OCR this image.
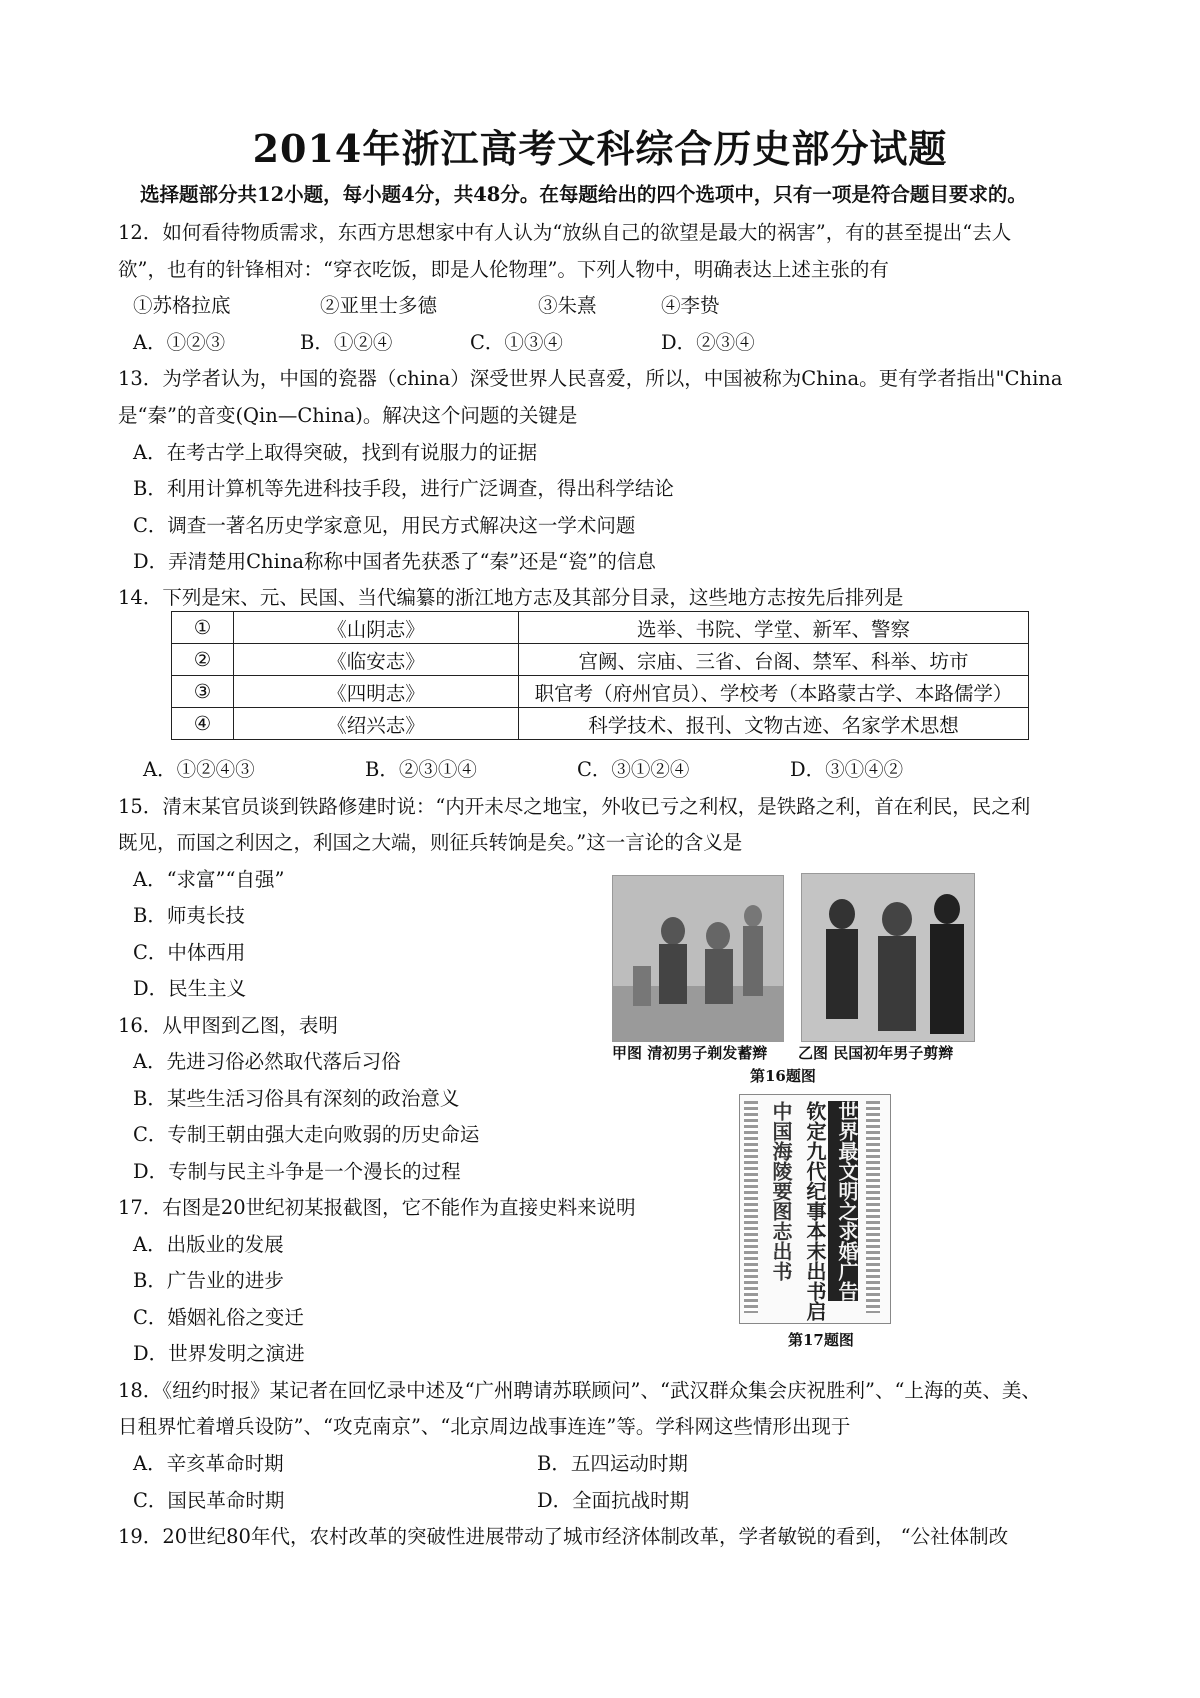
2014年浙江高考文科综合历史部分试题
选择题部分共12小题，每小题4分，共48分。在每题给出的四个选项中，只有一项是符合题目要求的。
12．如何看待物质需求，东西方思想家中有人认为“放纵自己的欲望是最大的祸害”，有的甚至提出“去人
欲”，也有的针锋相对：“穿衣吃饭，即是人伦物理”。下列人物中，明确表达上述主张的有
①苏格拉底	②亚里士多德	③朱熹	④李贽
A．①②③	B．①②④	C．①③④	D．②③④
13．为学者认为，中国的瓷器（china）深受世界人民喜爱，所以，中国被称为China。更有学者指出"China
是“秦”的音变(Qin—China)。解决这个问题的关键是
A．在考古学上取得突破，找到有说服力的证据
B．利用计算机等先进科技手段，进行广泛调查，得出科学结论
C．调查一著名历史学家意见，用民方式解决这一学术问题
D．弄清楚用China称称中国者先获悉了“秦”还是“瓷”的信息
14．下列是宋、元、民国、当代编纂的浙江地方志及其部分目录，这些地方志按先后排列是
①	《山阴志》	选举、书院、学堂、新军、警察
②	《临安志》	宫阙、宗庙、三省、台阁、禁军、科举、坊市
③	《四明志》	职官考（府州官员）、学校考（本路蒙古学、本路儒学）
④	《绍兴志》	科学技术、报刊、文物古迹、名家学术思想
A．①②④③	B．②③①④	C．③①②④	D．③①④②
15．清末某官员谈到铁路修建时说：“内开未尽之地宝，外收已亏之利权，是铁路之利，首在利民，民之利
既见，而国之利因之，利国之大端，则征兵转饷是矣。”这一言论的含义是
A．“求富”“自强”
B．师夷长技
C．中体西用
D．民生主义
甲图 清初男子剃发蓄辫 乙图 民国初年男子剪辫
第16题图
16．从甲图到乙图，表明
A．先进习俗必然取代落后习俗
B．某些生活习俗具有深刻的政治意义
C．专制王朝由强大走向败弱的历史命运
D．专制与民主斗争是一个漫长的过程	中国海陵要图志出书 钦定九代纪事本末出书启 世界最文明之求婚广告
第17题图
17．右图是20世纪初某报截图，它不能作为直接史料来说明
A．出版业的发展
B．广告业的进步
C．婚姻礼俗之变迁
D．世界发明之演进
18．《纽约时报》某记者在回忆录中述及“广州聘请苏联顾问”、“武汉群众集会庆祝胜利”、“上海的英、美、
日租界忙着增兵设防”、“攻克南京”、“北京周边战事连连”等。学科网这些情形出现于
A．辛亥革命时期	B．五四运动时期
C．国民革命时期	D．全面抗战时期
19．20世纪80年代，农村改革的突破性进展带动了城市经济体制改革，学者敏锐的看到， “公社体制改
